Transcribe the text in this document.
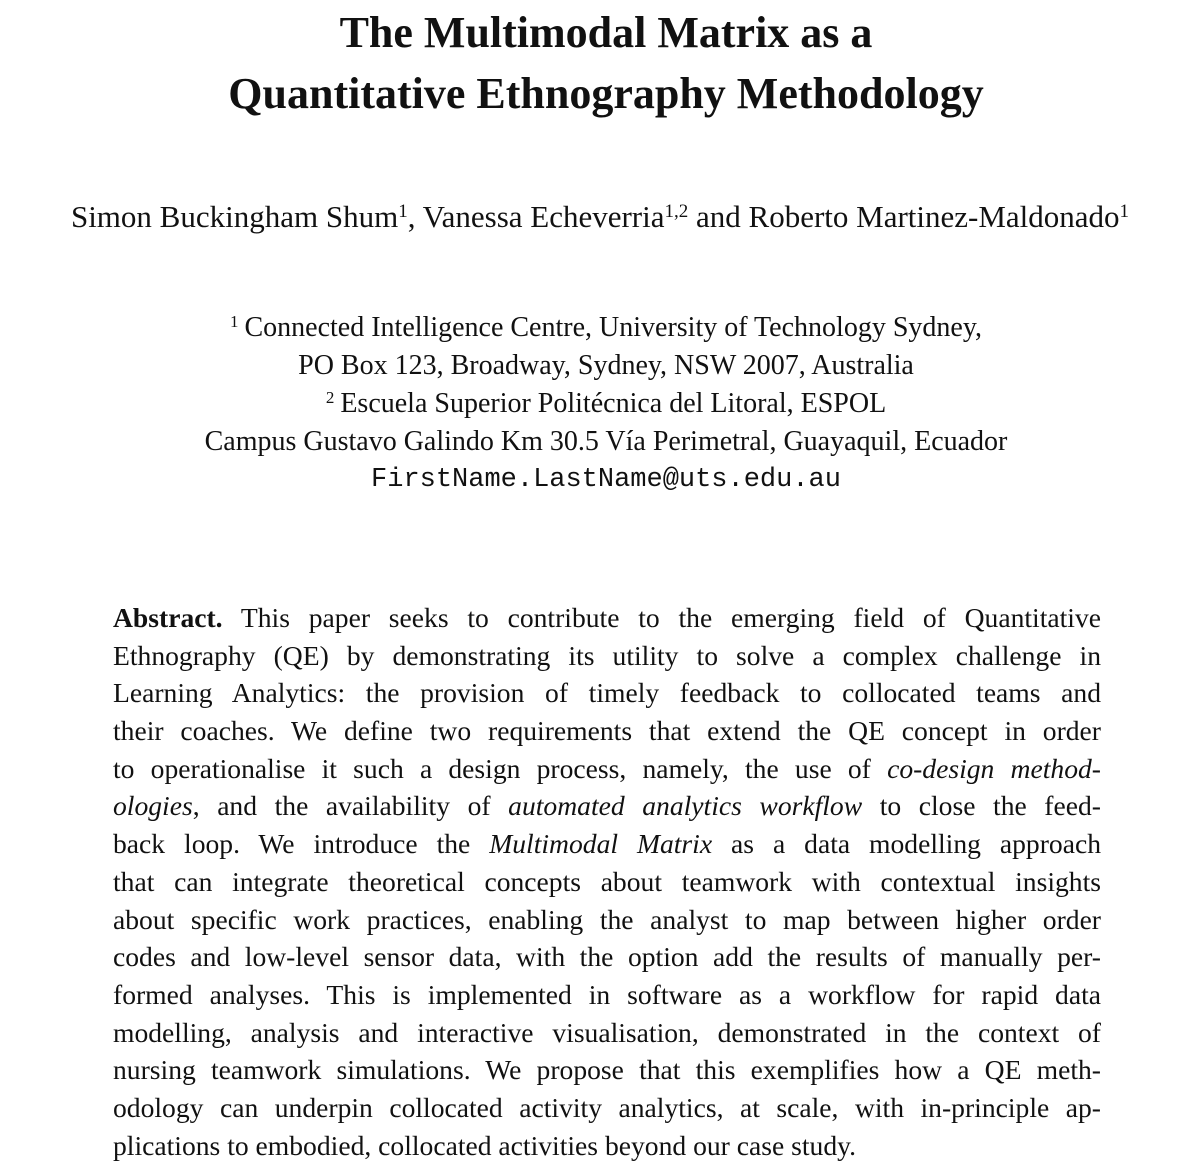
The Multimodal Matrix as a
Quantitative Ethnography Methodology
Simon Buckingham Shum$^1$, Vanessa Echeverria$^{1,2}$ and Roberto Martinez-Maldonado$^1$
$^1$ Connected Intelligence Centre, University of Technology Sydney,
PO Box 123, Broadway, Sydney, NSW 2007, Australia
$^2$ Escuela Superior Politécnica del Litoral, ESPOL
Campus Gustavo Galindo Km 30.5 Vía Perimetral, Guayaquil, Ecuador
FirstName.LastName@uts.edu.au
Abstract. This paper seeks to contribute to the emerging field of Quantitative
Ethnography (QE) by demonstrating its utility to solve a complex challenge in
Learning Analytics: the provision of timely feedback to collocated teams and
their coaches. We define two requirements that extend the QE concept in order
to operationalise it such a design process, namely, the use of co-design method-
ologies, and the availability of automated analytics workflow to close the feed-
back loop. We introduce the Multimodal Matrix as a data modelling approach
that can integrate theoretical concepts about teamwork with contextual insights
about specific work practices, enabling the analyst to map between higher order
codes and low-level sensor data, with the option add the results of manually per-
formed analyses. This is implemented in software as a workflow for rapid data
modelling, analysis and interactive visualisation, demonstrated in the context of
nursing teamwork simulations. We propose that this exemplifies how a QE meth-
odology can underpin collocated activity analytics, at scale, with in-principle ap-
plications to embodied, collocated activities beyond our case study.
